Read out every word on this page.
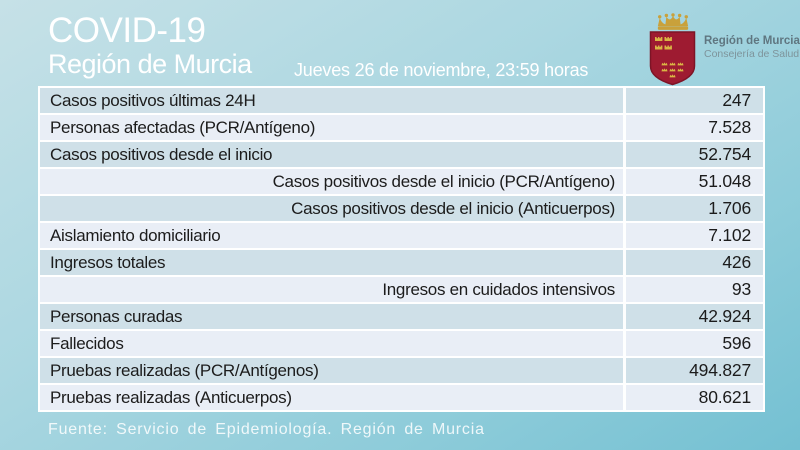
COVID-19
Región de Murcia Jueves 26 de noviembre, 23:59 horas
Región de Murcia
Consejería de Salud
Casos positivos últimas 24H	247
Personas afectadas (PCR/Antígeno)	7.528
Casos positivos desde el inicio	52.754
Casos positivos desde el inicio (PCR/Antígeno)	51.048
Casos positivos desde el inicio (Anticuerpos)	1.706
Aislamiento domiciliario	7.102
Ingresos totales	426
Ingresos en cuidados intensivos	93
Personas curadas	42.924
Fallecidos	596
Pruebas realizadas (PCR/Antígenos)	494.827
Pruebas realizadas (Anticuerpos)	80.621
Fuente: Servicio de Epidemiología. Región de Murcia
